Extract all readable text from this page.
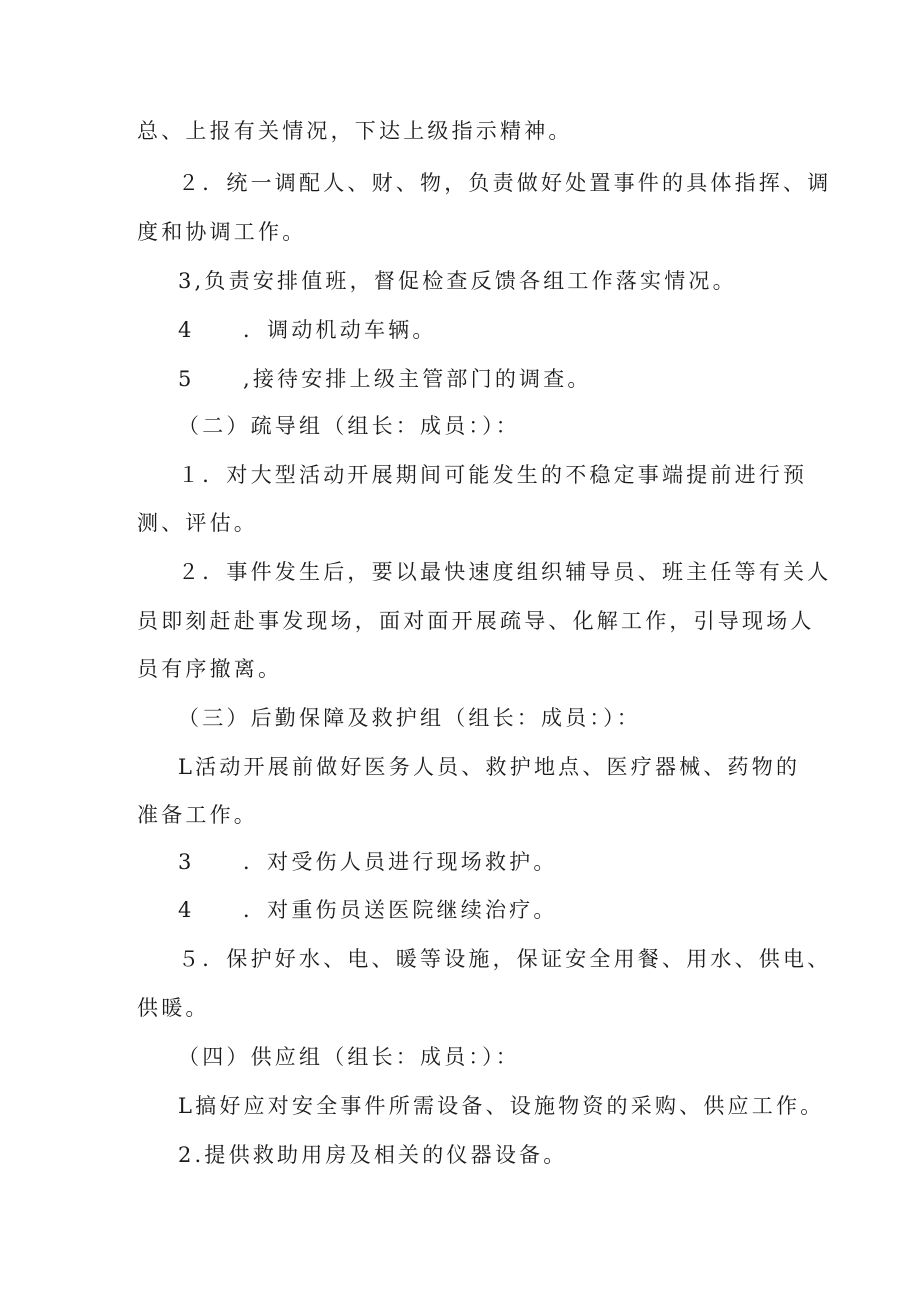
总、上报有关情况，下达上级指示精神。
２．统一调配人、财、物，负责做好处置事件的具体指挥、调
度和协调工作。
3,负责安排值班，督促检查反馈各组工作落实情况。
4　　．调动机动车辆。
5　　,接待安排上级主管部门的调查。
（二）疏导组（组长：成员：）：
１．对大型活动开展期间可能发生的不稳定事端提前进行预
测、评估。
２．事件发生后，要以最快速度组织辅导员、班主任等有关人
员即刻赶赴事发现场，面对面开展疏导、化解工作，引导现场人
员有序撤离。
（三）后勤保障及救护组（组长：成员：）：
L活动开展前做好医务人员、救护地点、医疗器械、药物的
准备工作。
3　　．对受伤人员进行现场救护。
4　　．对重伤员送医院继续治疗。
５．保护好水、电、暖等设施，保证安全用餐、用水、供电、
供暖。
（四）供应组（组长：成员：）：
L搞好应对安全事件所需设备、设施物资的采购、供应工作。
2.提供救助用房及相关的仪器设备。
